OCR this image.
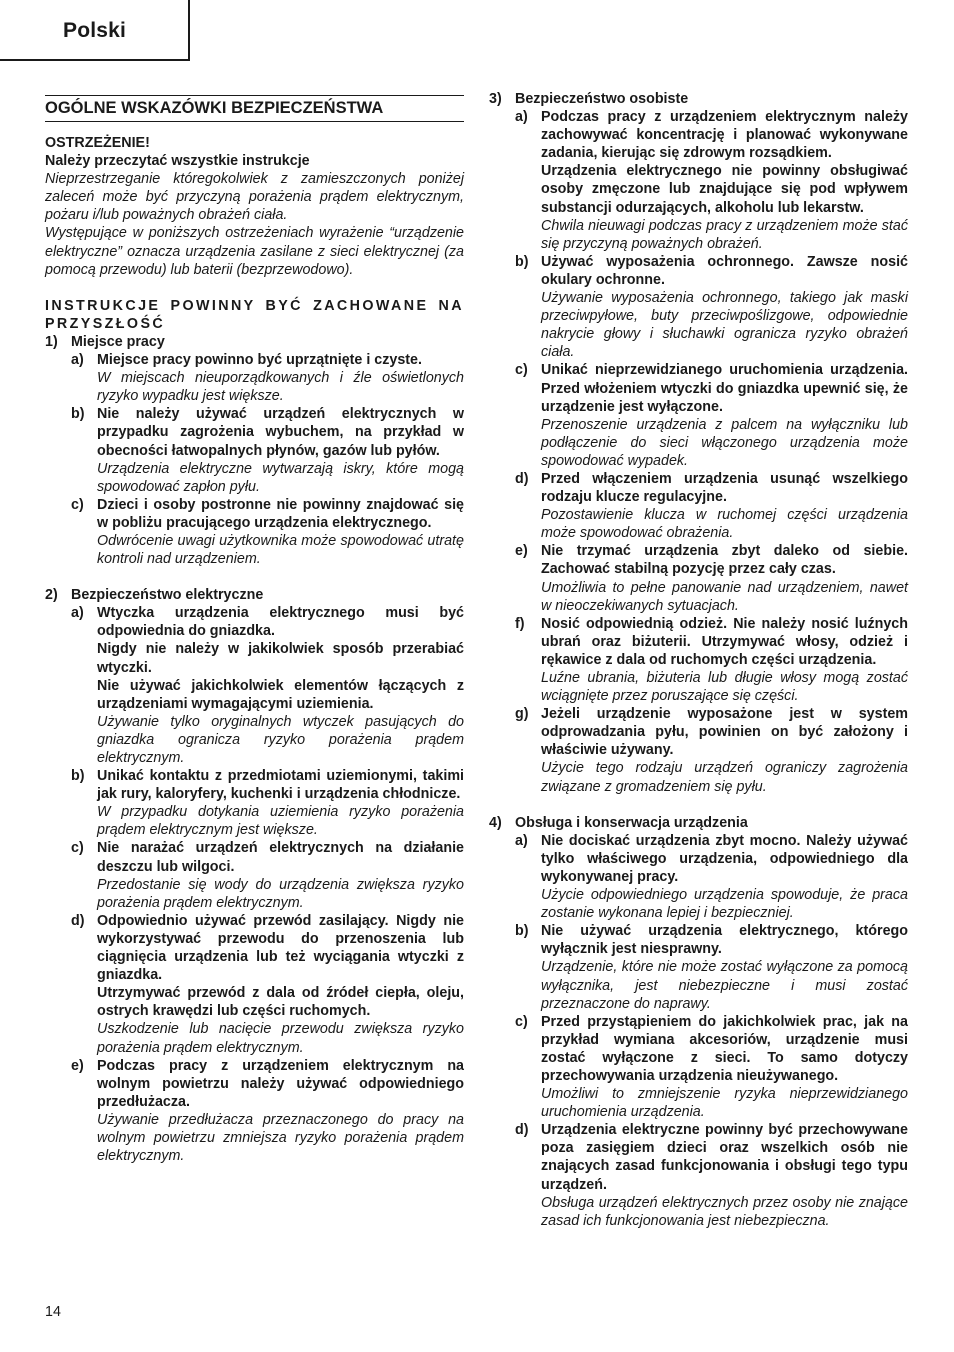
Polski
OGÓLNE WSKAZÓWKI BEZPIECZEŃSTWA
OSTRZEŻENIE!
Należy przeczytać wszystkie instrukcje
Nieprzestrzeganie któregokolwiek z zamieszczonych poniżej zaleceń może być przyczyną porażenia prądem elektrycznym, pożaru i/lub poważnych obrażeń ciała.
Występujące w poniższych ostrzeżeniach wyrażenie “urządzenie elektryczne” oznacza urządzenia zasilane z sieci elektrycznej (za pomocą przewodu) lub baterii (bezprzewodowo).
INSTRUKCJE POWINNY BYĆ ZACHOWANE NA PRZYSZŁOŚĆ
1) Miejsce pracy
a) Miejsce pracy powinno być uprzątnięte i czyste.
W miejscach nieuporządkowanych i źle oświetlonych ryzyko wypadku jest większe.
b) Nie należy używać urządzeń elektrycznych w przypadku zagrożenia wybuchem, na przykład w obecności łatwopalnych płynów, gazów lub pyłów.
Urządzenia elektryczne wytwarzają iskry, które mogą spowodować zapłon pyłu.
c) Dzieci i osoby postronne nie powinny znajdować się w pobliżu pracującego urządzenia elektrycznego.
Odwrócenie uwagi użytkownika może spowodować utratę kontroli nad urządzeniem.
2) Bezpieczeństwo elektryczne
a) Wtyczka urządzenia elektrycznego musi być odpowiednia do gniazdka.
Nigdy nie należy w jakikolwiek sposób przerabiać wtyczki.
Nie używać jakichkolwiek elementów łączących z urządzeniami wymagającymi uziemienia.
Używanie tylko oryginalnych wtyczek pasujących do gniazdka ogranicza ryzyko porażenia prądem elektrycznym.
b) Unikać kontaktu z przedmiotami uziemionymi, takimi jak rury, kaloryfery, kuchenki i urządzenia chłodnicze.
W przypadku dotykania uziemienia ryzyko porażenia prądem elektrycznym jest większe.
c) Nie narażać urządzeń elektrycznych na działanie deszczu lub wilgoci.
Przedostanie się wody do urządzenia zwiększa ryzyko porażenia prądem elektrycznym.
d) Odpowiednio używać przewód zasilający. Nigdy nie wykorzystywać przewodu do przenoszenia lub ciągnięcia urządzenia lub też wyciągania wtyczki z gniazdka.
Utrzymywać przewód z dala od źródeł ciepła, oleju, ostrych krawędzi lub części ruchomych.
Uszkodzenie lub nacięcie przewodu zwiększa ryzyko porażenia prądem elektrycznym.
e) Podczas pracy z urządzeniem elektrycznym na wolnym powietrzu należy używać odpowiedniego przedłużacza.
Używanie przedłużacza przeznaczonego do pracy na wolnym powietrzu zmniejsza ryzyko porażenia prądem elektrycznym.
3) Bezpieczeństwo osobiste
a) Podczas pracy z urządzeniem elektrycznym należy zachowywać koncentrację i planować wykonywane zadania, kierując się zdrowym rozsądkiem.
Urządzenia elektrycznego nie powinny obsługiwać osoby zmęczone lub znajdujące się pod wpływem substancji odurzających, alkoholu lub lekarstw.
Chwila nieuwagi podczas pracy z urządzeniem może stać się przyczyną poważnych obrażeń.
b) Używać wyposażenia ochronnego. Zawsze nosić okulary ochronne.
Używanie wyposażenia ochronnego, takiego jak maski przeciwpyłowe, buty przeciwpoślizgowe, odpowiednie nakrycie głowy i słuchawki ogranicza ryzyko obrażeń ciała.
c) Unikać nieprzewidzianego uruchomienia urządzenia. Przed włożeniem wtyczki do gniazdka upewnić się, że urządzenie jest wyłączone.
Przenoszenie urządzenia z palcem na wyłączniku lub podłączenie do sieci włączonego urządzenia może spowodować wypadek.
d) Przed włączeniem urządzenia usunąć wszelkiego rodzaju klucze regulacyjne.
Pozostawienie klucza w ruchomej części urządzenia może spowodować obrażenia.
e) Nie trzymać urządzenia zbyt daleko od siebie. Zachować stabilną pozycję przez cały czas.
Umożliwia to pełne panowanie nad urządzeniem, nawet w nieoczekiwanych sytuacjach.
f)	Nosić odpowiednią odzież. Nie należy nosić luźnych ubrań oraz biżuterii. Utrzymywać włosy, odzież i rękawice z dala od ruchomych części urządzenia.
Luźne ubrania, biżuteria lub długie włosy mogą zostać wciągnięte przez poruszające się części.
g) Jeżeli urządzenie wyposażone jest w system odprowadzania pyłu, powinien on być założony i właściwie używany.
Użycie tego rodzaju urządzeń ograniczy zagrożenia związane z gromadzeniem się pyłu.
4) Obsługa i konserwacja urządzenia
a) Nie dociskać urządzenia zbyt mocno. Należy używać tylko właściwego urządzenia, odpowiedniego dla wykonywanej pracy.
Użycie odpowiedniego urządzenia spowoduje, że praca zostanie wykonana lepiej i bezpieczniej.
b) Nie używać urządzenia elektrycznego, którego wyłącznik jest niesprawny.
Urządzenie, które nie może zostać wyłączone za pomocą wyłącznika, jest niebezpieczne i musi zostać przeznaczone do naprawy.
c) Przed przystąpieniem do jakichkolwiek prac, jak na przykład wymiana akcesoriów, urządzenie musi zostać wyłączone z sieci. To samo dotyczy przechowywania urządzenia nieużywanego.
Umożliwi to zmniejszenie ryzyka nieprzewidzianego uruchomienia urządzenia.
d) Urządzenia elektryczne powinny być przechowywane poza zasięgiem dzieci oraz wszelkich osób nie znających zasad funkcjonowania i obsługi tego typu urządzeń.
Obsługa urządzeń elektrycznych przez osoby nie znające zasad ich funkcjonowania jest niebezpieczna.
14
